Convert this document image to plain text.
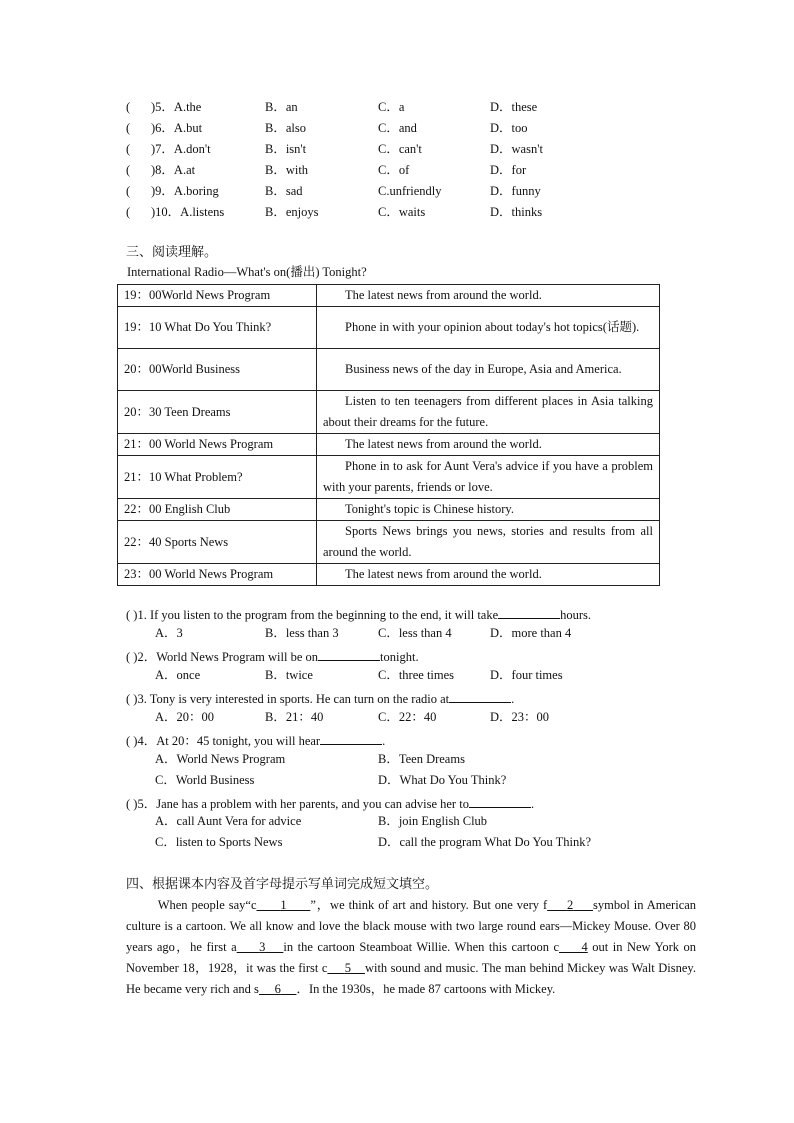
( )5．A.the	B．an	C．a	D．these
( )6．A.but	B．also	C．and	D．too
( )7．A.don't	B．isn't	C．can't	D．wasn't
( )8．A.at	B．with	C．of	D．for
( )9．A.boring	B．sad	C.unfriendly	D．funny
( )10．A.listens	B．enjoys	C．waits	D．thinks
三、阅读理解。
International Radio—What's on(播出) Tonight?
19：00World News Program	The latest news from around the world.
19：10 What Do You Think?	Phone in with your opinion about today's hot topics(话题).
20：00World Business	Business news of the day in Europe, Asia and America.
20：30 Teen Dreams	Listen to ten teenagers from different places in Asia talking about their dreams for the future.
21：00 World News Program	The latest news from around the world.
21：10 What Problem?	Phone in to ask for Aunt Vera's advice if you have a problem with your parents, friends or love.
22：00 English Club	Tonight's topic is Chinese history.
22：40 Sports News	Sports News brings you news, stories and results from all around the world.
23：00 World News Program	The latest news from around the world.
( )1. If you listen to the program from the beginning to the end, it will take	hours.
A．3	B．less than 3	C．less than 4	D．more than 4
( )2．World News Program will be on	tonight.
A．once	B．twice	C．three times	D．four times
( )3. Tony is very interested in sports. He can turn on the radio at	.
A．20：00	B．21：40	C．22：40	D．23：00
( )4．At 20：45 tonight, you will hear	.
A．World News Program	B．Teen Dreams
C．World Business	D．What Do You Think?
( )5．Jane has a problem with her parents, and you can advise her to	.
A．call Aunt Vera for advice	B．join English Club
C．listen to Sports News	D．call the program What Do You Think?
四、根据课本内容及首字母提示写单词完成短文填空。
When people say“c 1 ”，we think of art and history. But one very f 2 symbol in American culture is a cartoon. We all know and love the black mouse with two large round ears—Mickey Mouse. Over 80 years ago，he first a 3 in the cartoon Steamboat Willie. When this cartoon c 4 out in New York on November 18，1928，it was the first c 5 with sound and music. The man behind Mickey was Walt Disney. He became very rich and s 6 ．In the 1930s，he made 87 cartoons with Mickey.
